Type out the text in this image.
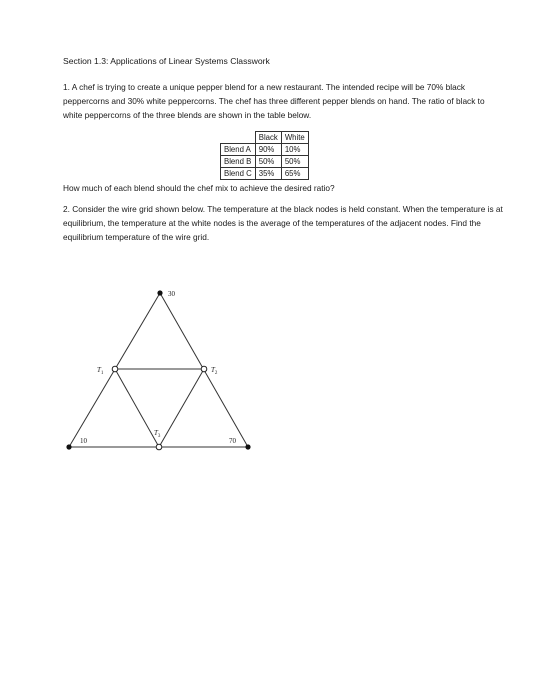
Section 1.3: Applications of Linear Systems Classwork
1. A chef is trying to create a unique pepper blend for a new restaurant. The intended recipe will be 70% black peppercorns and 30% white peppercorns. The chef has three different pepper blends on hand. The ratio of black to white peppercorns of the three blends are shown in the table below.
	Black	White
Blend A	90%	10%
Blend B	50%	50%
Blend C	35%	65%
How much of each blend should the chef mix to achieve the desired ratio?
2. Consider the wire grid shown below. The temperature at the black nodes is held constant. When the temperature is at equilibrium, the temperature at the white nodes is the average of the temperatures of the adjacent nodes. Find the equilibrium temperature of the wire grid.
30
10	70
$T_1$	$T_2$
$T_3$
